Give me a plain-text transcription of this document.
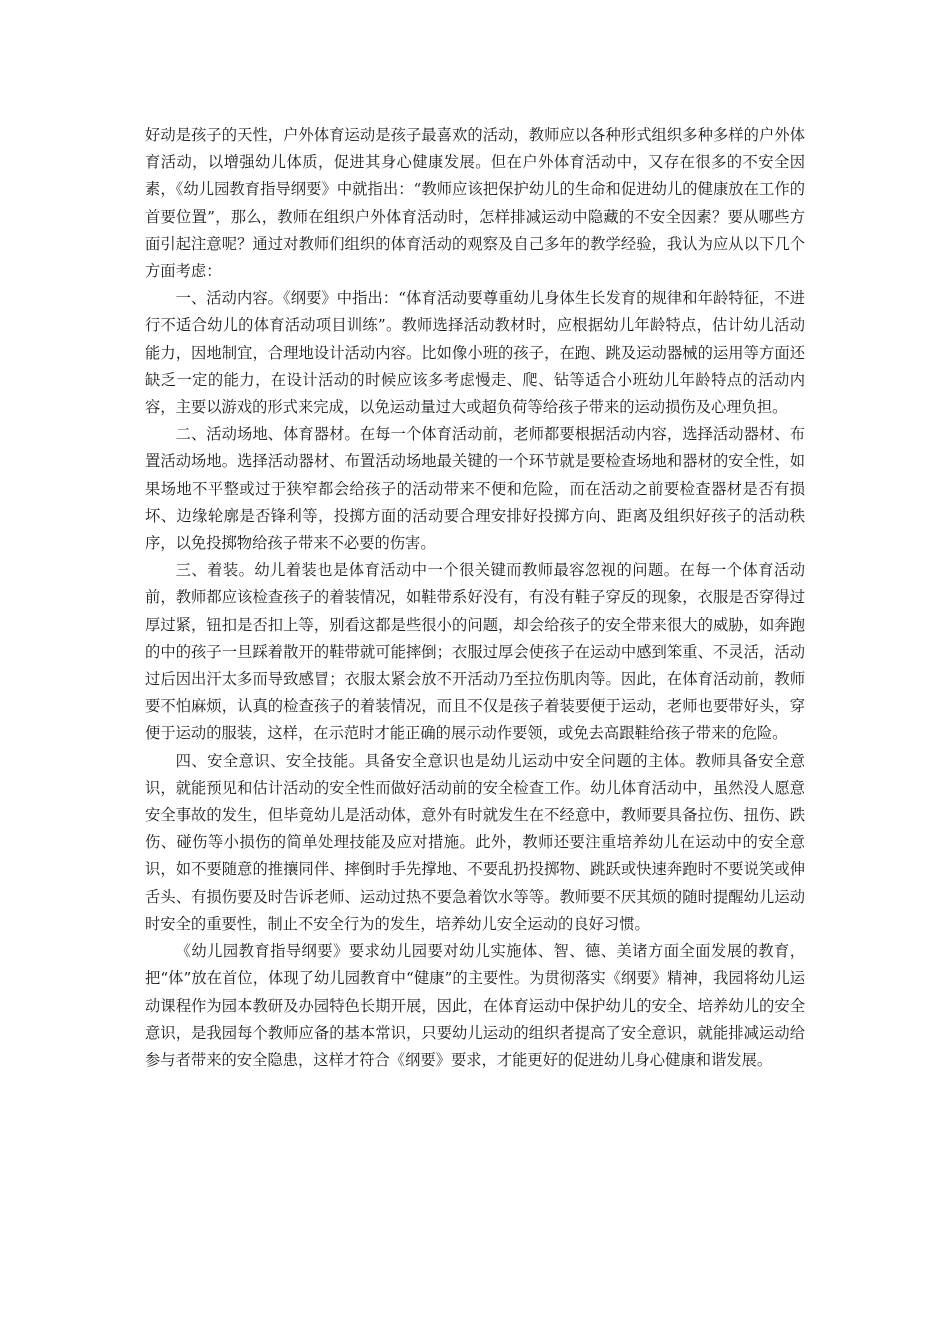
好动是孩子的天性，户外体育运动是孩子最喜欢的活动，教师应以各种形式组织多种多样的户外体育活动，以增强幼儿体质，促进其身心健康发展。但在户外体育活动中，又存在很多的不安全因素，《幼儿园教育指导纲要》中就指出：“教师应该把保护幼儿的生命和促进幼儿的健康放在工作的首要位置”，那么，教师在组织户外体育活动时，怎样排减运动中隐藏的不安全因素？要从哪些方面引起注意呢？通过对教师们组织的体育活动的观察及自己多年的教学经验，我认为应从以下几个方面考虑：

一、活动内容。《纲要》中指出：“体育活动要尊重幼儿身体生长发育的规律和年龄特征，不进行不适合幼儿的体育活动项目训练”。教师选择活动教材时，应根据幼儿年龄特点，估计幼儿活动能力，因地制宜，合理地设计活动内容。比如像小班的孩子，在跑、跳及运动器械的运用等方面还缺乏一定的能力，在设计活动的时候应该多考虑慢走、爬、钻等适合小班幼儿年龄特点的活动内容，主要以游戏的形式来完成，以免运动量过大或超负荷等给孩子带来的运动损伤及心理负担。

二、活动场地、体育器材。在每一个体育活动前，老师都要根据活动内容，选择活动器材、布置活动场地。选择活动器材、布置活动场地最关键的一个环节就是要检查场地和器材的安全性，如果场地不平整或过于狭窄都会给孩子的活动带来不便和危险，而在活动之前要检查器材是否有损坏、边缘轮廓是否锋利等，投掷方面的活动要合理安排好投掷方向、距离及组织好孩子的活动秩序，以免投掷物给孩子带来不必要的伤害。

三、着装。幼儿着装也是体育活动中一个很关键而教师最容忽视的问题。在每一个体育活动前，教师都应该检查孩子的着装情况，如鞋带系好没有，有没有鞋子穿反的现象，衣服是否穿得过厚过紧，钮扣是否扣上等，别看这都是些很小的问题，却会给孩子的安全带来很大的威胁，如奔跑的中的孩子一旦踩着散开的鞋带就可能摔倒；衣服过厚会使孩子在运动中感到笨重、不灵活，活动过后因出汗太多而导致感冒；衣服太紧会放不开活动乃至拉伤肌肉等。因此，在体育活动前，教师要不怕麻烦，认真的检查孩子的着装情况，而且不仅是孩子着装要便于运动，老师也要带好头，穿便于运动的服装，这样，在示范时才能正确的展示动作要领，或免去高跟鞋给孩子带来的危险。

四、安全意识、安全技能。具备安全意识也是幼儿运动中安全问题的主体。教师具备安全意识，就能预见和估计活动的安全性而做好活动前的安全检查工作。幼儿体育活动中，虽然没人愿意安全事故的发生，但毕竟幼儿是活动体，意外有时就发生在不经意中，教师要具备拉伤、扭伤、跌伤、碰伤等小损伤的简单处理技能及应对措施。此外，教师还要注重培养幼儿在运动中的安全意识，如不要随意的推攘同伴、摔倒时手先撑地、不要乱扔投掷物、跳跃或快速奔跑时不要说笑或伸舌头、有损伤要及时告诉老师、运动过热不要急着饮水等等。教师要不厌其烦的随时提醒幼儿运动时安全的重要性，制止不安全行为的发生，培养幼儿安全运动的良好习惯。

《幼儿园教育指导纲要》要求幼儿园要对幼儿实施体、智、德、美诸方面全面发展的教育，把“体”放在首位，体现了幼儿园教育中“健康”的主要性。为贯彻落实《纲要》精神，我园将幼儿运动课程作为园本教研及办园特色长期开展，因此，在体育运动中保护幼儿的安全、培养幼儿的安全意识，是我园每个教师应备的基本常识，只要幼儿运动的组织者提高了安全意识，就能排减运动给参与者带来的安全隐患，这样才符合《纲要》要求，才能更好的促进幼儿身心健康和谐发展。
